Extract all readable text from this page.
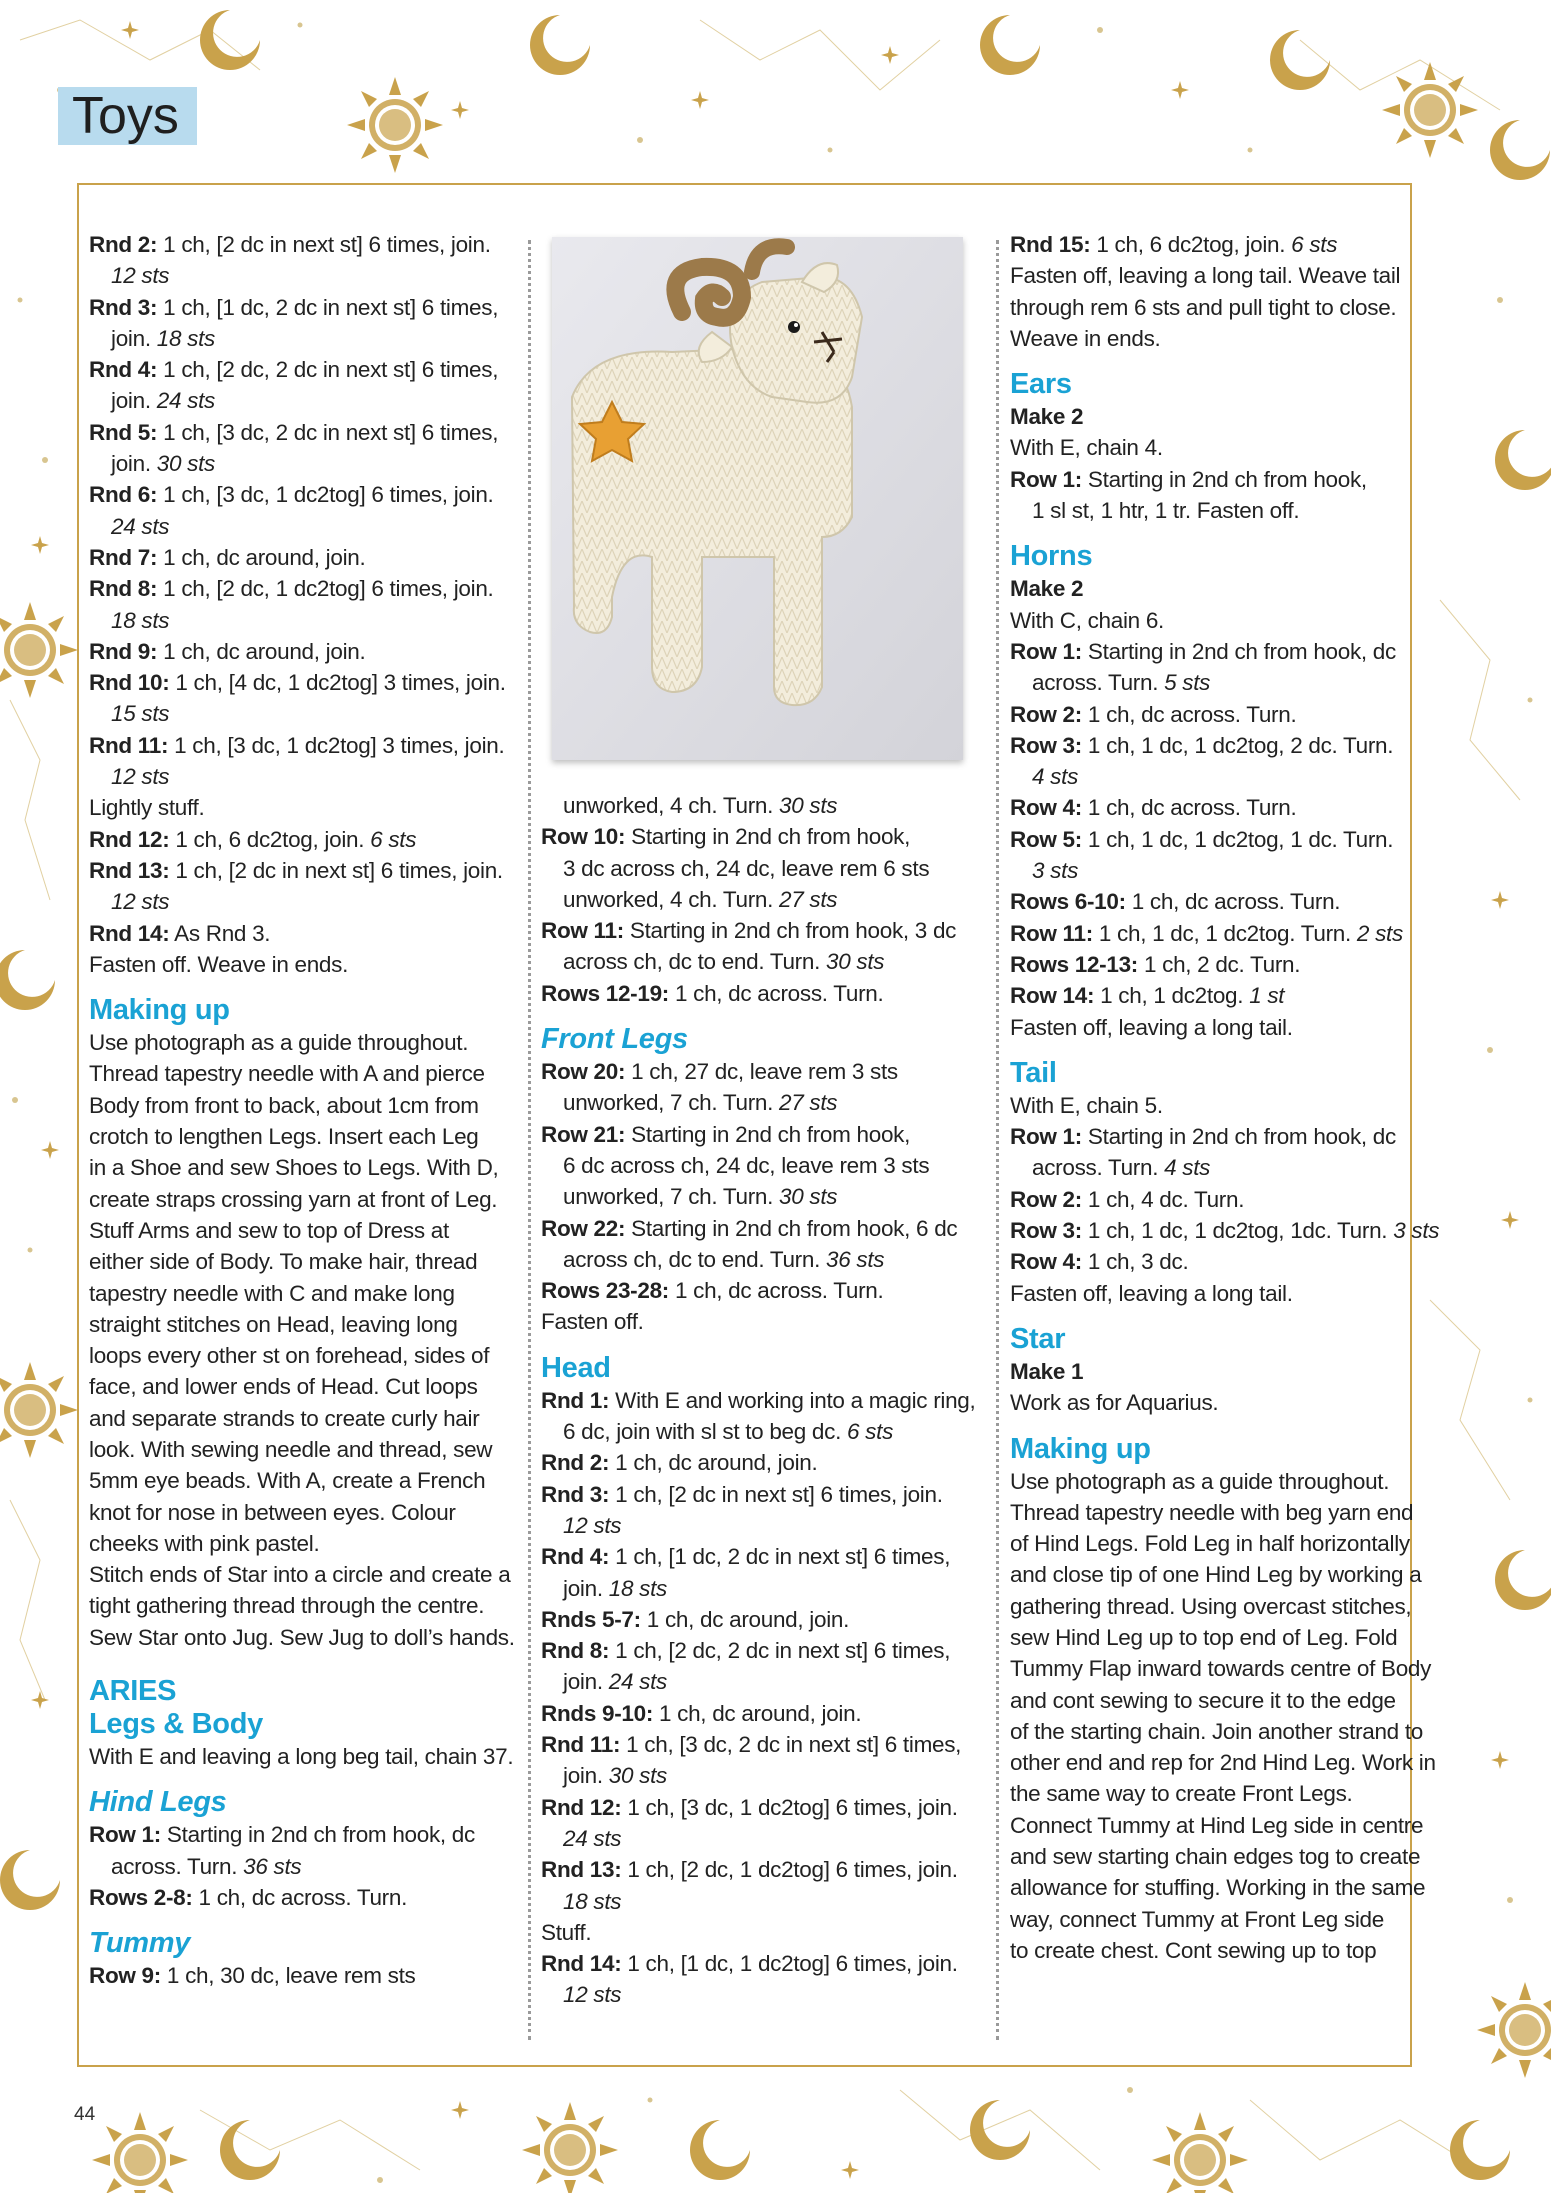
Toys
Rnd 2: 1 ch, [2 dc in next st] 6 times, join.
12 sts
Rnd 3: 1 ch, [1 dc, 2 dc in next st] 6 times,
join. 18 sts
Rnd 4: 1 ch, [2 dc, 2 dc in next st] 6 times,
join. 24 sts
Rnd 5: 1 ch, [3 dc, 2 dc in next st] 6 times,
join. 30 sts
Rnd 6: 1 ch, [3 dc, 1 dc2tog] 6 times, join.
24 sts
Rnd 7: 1 ch, dc around, join.
Rnd 8: 1 ch, [2 dc, 1 dc2tog] 6 times, join.
18 sts
Rnd 9: 1 ch, dc around, join.
Rnd 10: 1 ch, [4 dc, 1 dc2tog] 3 times, join.
15 sts
Rnd 11: 1 ch, [3 dc, 1 dc2tog] 3 times, join.
12 sts
Lightly stuff.
Rnd 12: 1 ch, 6 dc2tog, join. 6 sts
Rnd 13: 1 ch, [2 dc in next st] 6 times, join.
12 sts
Rnd 14: As Rnd 3.
Fasten off. Weave in ends.
Making up
Use photograph as a guide throughout.
Thread tapestry needle with A and pierce
Body from front to back, about 1cm from
crotch to lengthen Legs. Insert each Leg
in a Shoe and sew Shoes to Legs. With D,
create straps crossing yarn at front of Leg.
Stuff Arms and sew to top of Dress at
either side of Body. To make hair, thread
tapestry needle with C and make long
straight stitches on Head, leaving long
loops every other st on forehead, sides of
face, and lower ends of Head. Cut loops
and separate strands to create curly hair
look. With sewing needle and thread, sew
5mm eye beads. With A, create a French
knot for nose in between eyes. Colour
cheeks with pink pastel.
Stitch ends of Star into a circle and create a
tight gathering thread through the centre.
Sew Star onto Jug. Sew Jug to doll’s hands.
ARIES
Legs & Body
With E and leaving a long beg tail, chain 37.
Hind Legs
Row 1: Starting in 2nd ch from hook, dc
across. Turn. 36 sts
Rows 2-8: 1 ch, dc across. Turn.
Tummy
Row 9: 1 ch, 30 dc, leave rem sts
unworked, 4 ch. Turn. 30 sts
Row 10: Starting in 2nd ch from hook,
3 dc across ch, 24 dc, leave rem 6 sts
unworked, 4 ch. Turn. 27 sts
Row 11: Starting in 2nd ch from hook, 3 dc
across ch, dc to end. Turn. 30 sts
Rows 12-19: 1 ch, dc across. Turn.
Front Legs
Row 20: 1 ch, 27 dc, leave rem 3 sts
unworked, 7 ch. Turn. 27 sts
Row 21: Starting in 2nd ch from hook,
6 dc across ch, 24 dc, leave rem 3 sts
unworked, 7 ch. Turn. 30 sts
Row 22: Starting in 2nd ch from hook, 6 dc
across ch, dc to end. Turn. 36 sts
Rows 23-28: 1 ch, dc across. Turn.
Fasten off.
Head
Rnd 1: With E and working into a magic ring,
6 dc, join with sl st to beg dc. 6 sts
Rnd 2: 1 ch, dc around, join.
Rnd 3: 1 ch, [2 dc in next st] 6 times, join.
12 sts
Rnd 4: 1 ch, [1 dc, 2 dc in next st] 6 times,
join. 18 sts
Rnds 5-7: 1 ch, dc around, join.
Rnd 8: 1 ch, [2 dc, 2 dc in next st] 6 times,
join. 24 sts
Rnds 9-10: 1 ch, dc around, join.
Rnd 11: 1 ch, [3 dc, 2 dc in next st] 6 times,
join. 30 sts
Rnd 12: 1 ch, [3 dc, 1 dc2tog] 6 times, join.
24 sts
Rnd 13: 1 ch, [2 dc, 1 dc2tog] 6 times, join.
18 sts
Stuff.
Rnd 14: 1 ch, [1 dc, 1 dc2tog] 6 times, join.
12 sts
Rnd 15: 1 ch, 6 dc2tog, join. 6 sts
Fasten off, leaving a long tail. Weave tail
through rem 6 sts and pull tight to close.
Weave in ends.
Ears
Make 2
With E, chain 4.
Row 1: Starting in 2nd ch from hook,
1 sl st, 1 htr, 1 tr. Fasten off.
Horns
Make 2
With C, chain 6.
Row 1: Starting in 2nd ch from hook, dc
across. Turn. 5 sts
Row 2: 1 ch, dc across. Turn.
Row 3: 1 ch, 1 dc, 1 dc2tog, 2 dc. Turn.
4 sts
Row 4: 1 ch, dc across. Turn.
Row 5: 1 ch, 1 dc, 1 dc2tog, 1 dc. Turn.
3 sts
Rows 6-10: 1 ch, dc across. Turn.
Row 11: 1 ch, 1 dc, 1 dc2tog. Turn. 2 sts
Rows 12-13: 1 ch, 2 dc. Turn.
Row 14: 1 ch, 1 dc2tog. 1 st
Fasten off, leaving a long tail.
Tail
With E, chain 5.
Row 1: Starting in 2nd ch from hook, dc
across. Turn. 4 sts
Row 2: 1 ch, 4 dc. Turn.
Row 3: 1 ch, 1 dc, 1 dc2tog, 1dc. Turn. 3 sts
Row 4: 1 ch, 3 dc.
Fasten off, leaving a long tail.
Star
Make 1
Work as for Aquarius.
Making up
Use photograph as a guide throughout.
Thread tapestry needle with beg yarn end
of Hind Legs. Fold Leg in half horizontally
and close tip of one Hind Leg by working a
gathering thread. Using overcast stitches,
sew Hind Leg up to top end of Leg. Fold
Tummy Flap inward towards centre of Body
and cont sewing to secure it to the edge
of the starting chain. Join another strand to
other end and rep for 2nd Hind Leg. Work in
the same way to create Front Legs.
Connect Tummy at Hind Leg side in centre
and sew starting chain edges tog to create
allowance for stuffing. Working in the same
way, connect Tummy at Front Leg side
to create chest. Cont sewing up to top
44
